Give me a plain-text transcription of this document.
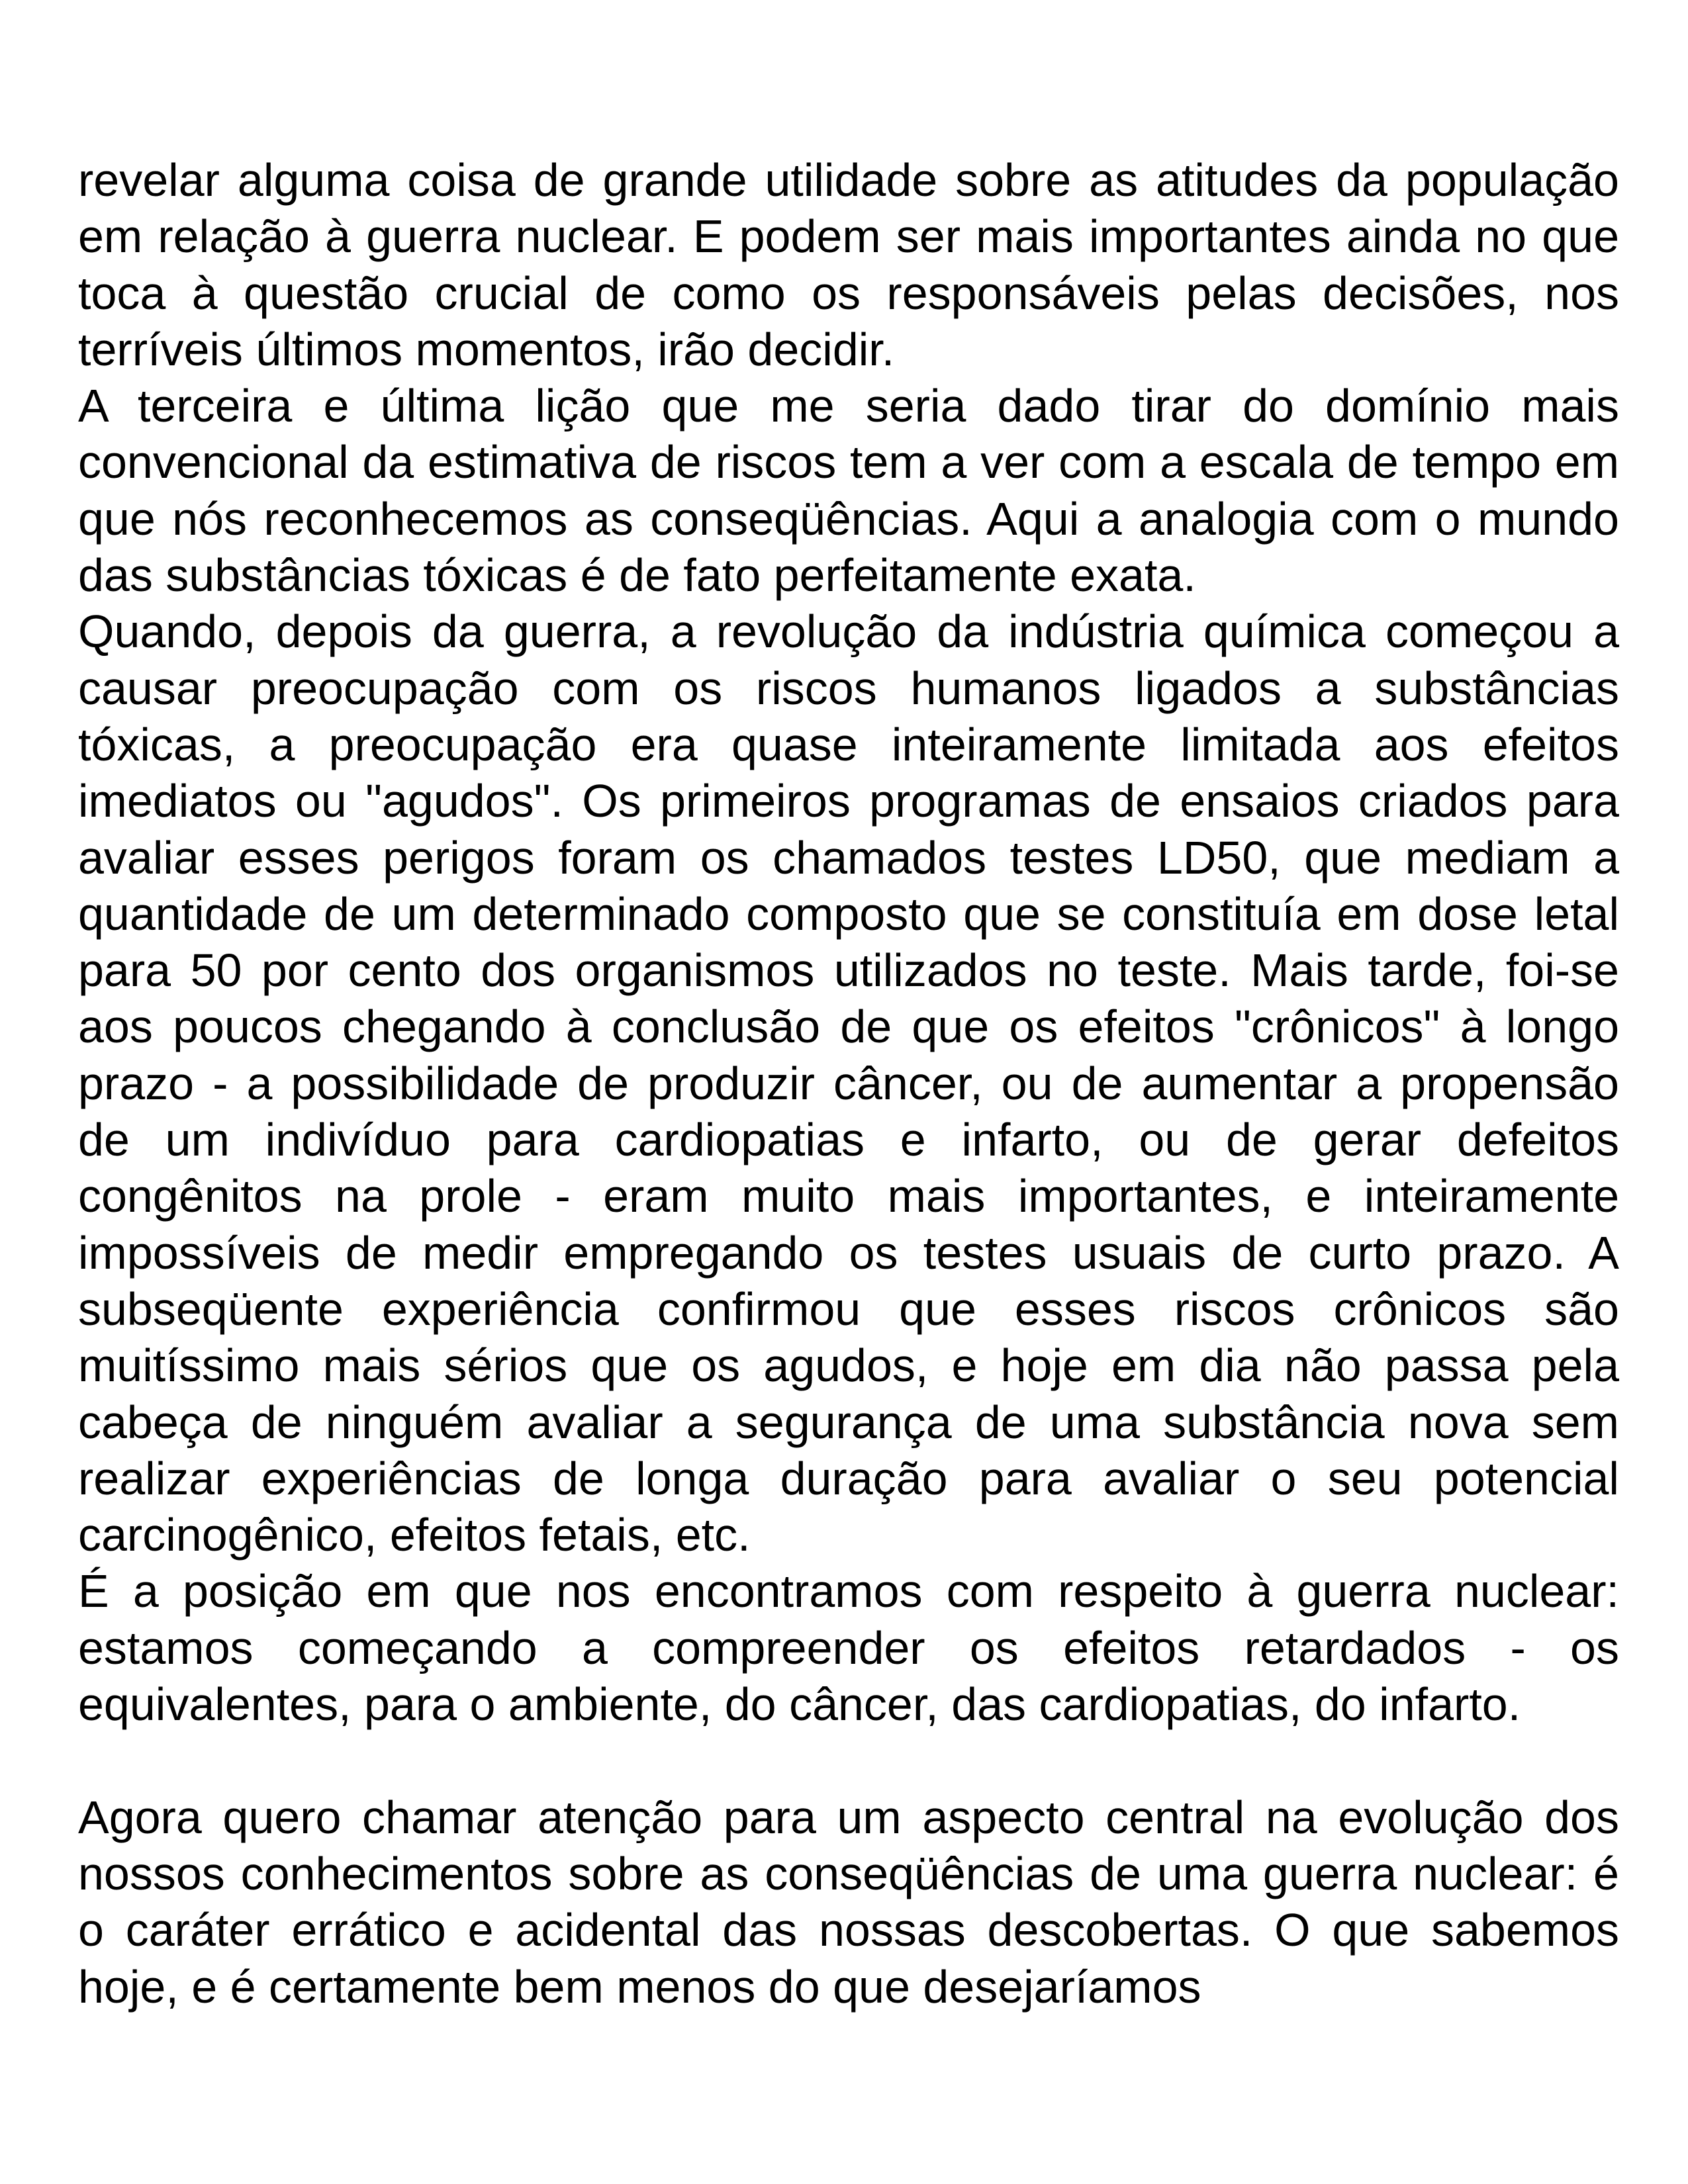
revelar alguma coisa de grande utilidade sobre as atitudes da população em relação à guerra nuclear. E podem ser mais importantes ainda no que toca à questão crucial de como os responsáveis pelas decisões, nos terríveis últimos momentos, irão decidir.

A terceira e última lição que me seria dado tirar do domínio mais convencional da estimativa de riscos tem a ver com a escala de tempo em que nós reconhecemos as conseqüências. Aqui a analogia com o mundo das substâncias tóxicas é de fato perfeitamente exata.

Quando, depois da guerra, a revolução da indústria química começou a causar preocupação com os riscos humanos ligados a substâncias tóxicas, a preocupação era quase inteiramente limitada aos efeitos imediatos ou "agudos". Os primeiros programas de ensaios criados para avaliar esses perigos foram os chamados testes LD50, que mediam a quantidade de um determinado composto que se constituía em dose letal para 50 por cento dos organismos utilizados no teste. Mais tarde, foi-se aos poucos chegando à conclusão de que os efeitos "crônicos" à longo prazo - a possibilidade de produzir câncer, ou de aumentar a propensão de um indivíduo para cardiopatias e infarto, ou de gerar defeitos congênitos na prole - eram muito mais importantes, e inteiramente impossíveis de medir empregando os testes usuais de curto prazo. A subseqüente experiência confirmou que esses riscos crônicos são muitíssimo mais sérios que os agudos, e hoje em dia não passa pela cabeça de ninguém avaliar a segurança de uma substância nova sem realizar experiências de longa duração para avaliar o seu potencial carcinogênico, efeitos fetais, etc.

É a posição em que nos encontramos com respeito à guerra nuclear: estamos começando a compreender os efeitos retardados - os equivalentes, para o ambiente, do câncer, das cardiopatias, do infarto.

Agora quero chamar atenção para um aspecto central na evolução dos nossos conhecimentos sobre as conseqüências de uma guerra nuclear: é o caráter errático e acidental das nossas descobertas. O que sabemos hoje, e é certamente bem menos do que desejaríamos
